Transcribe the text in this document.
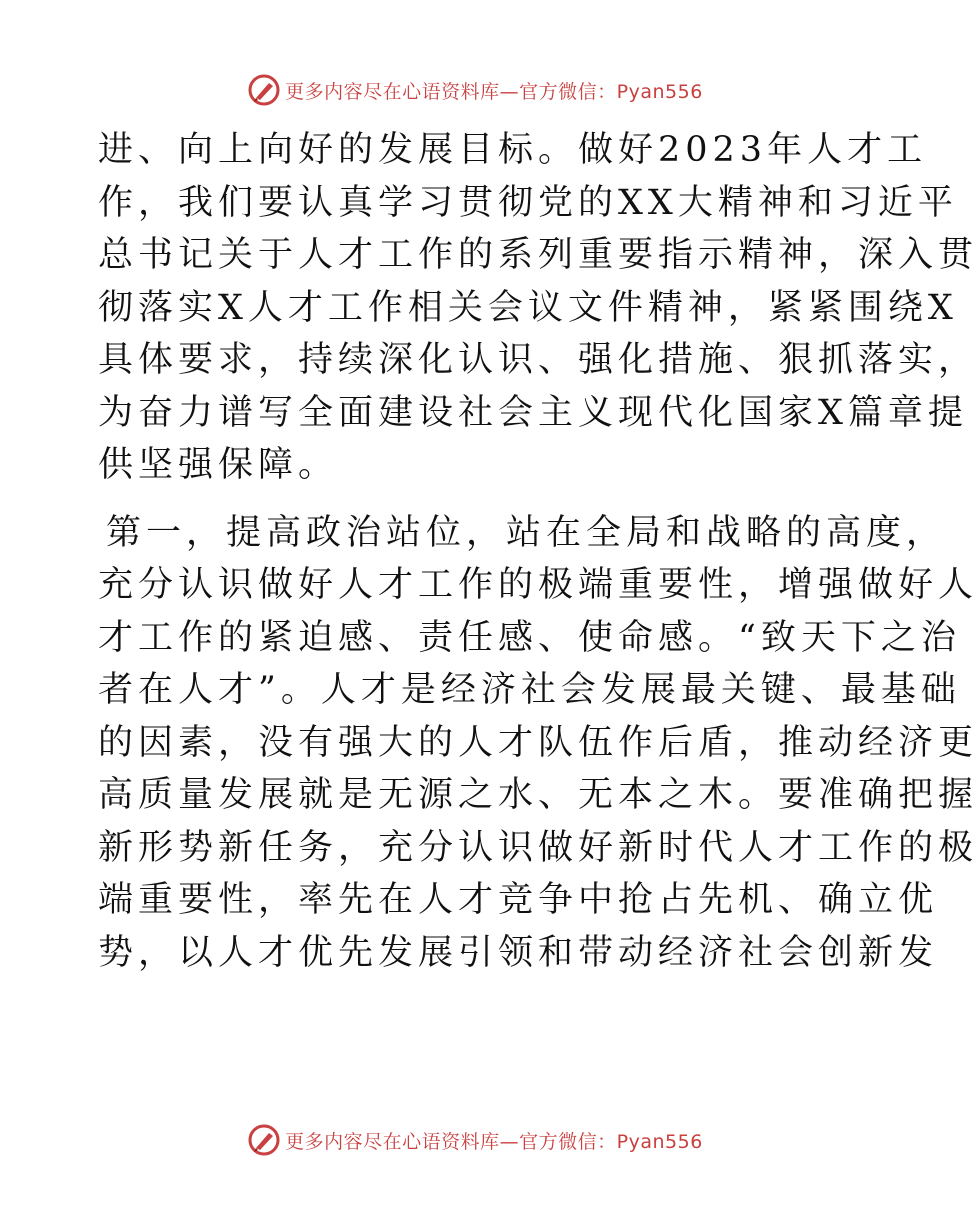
更多内容尽在心语资料库—官方微信：Pyan556
进、向上向好的发展目标。做好2023年人才工
作，我们要认真学习贯彻党的XX大精神和习近平
总书记关于人才工作的系列重要指示精神，深入贯
彻落实X人才工作相关会议文件精神，紧紧围绕X
具体要求，持续深化认识、强化措施、狠抓落实，
为奋力谱写全面建设社会主义现代化国家X篇章提
供坚强保障。
第一，提高政治站位，站在全局和战略的高度，
充分认识做好人才工作的极端重要性，增强做好人
才工作的紧迫感、责任感、使命感。“致天下之治
者在人才”。人才是经济社会发展最关键、最基础
的因素，没有强大的人才队伍作后盾，推动经济更
高质量发展就是无源之水、无本之木。要准确把握
新形势新任务，充分认识做好新时代人才工作的极
端重要性，率先在人才竞争中抢占先机、确立优
势，以人才优先发展引领和带动经济社会创新发
更多内容尽在心语资料库—官方微信：Pyan556
